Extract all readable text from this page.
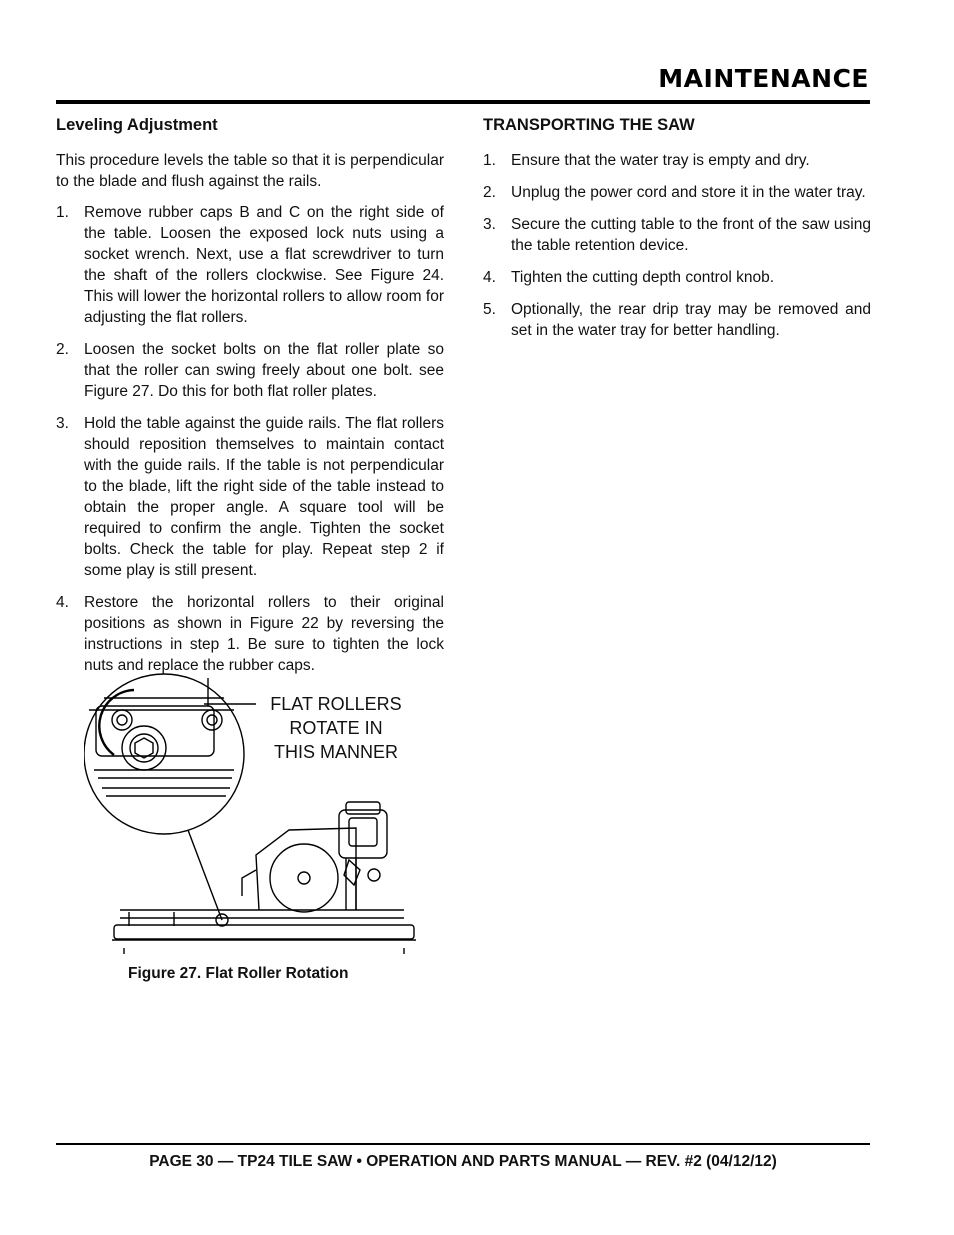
MAINTENANCE
Leveling Adjustment

This procedure levels the table so that it is perpendicular to the blade and flush against the rails.

1. Remove rubber caps B and C on the right side of the table. Loosen the exposed lock nuts using a socket wrench. Next, use a flat screwdriver to turn the shaft of the rollers clockwise. See Figure 24. This will lower the horizontal rollers to allow room for adjusting the flat rollers.
2. Loosen the socket bolts on the flat roller plate so that the roller can swing freely about one bolt. see Figure 27. Do this for both flat roller plates.
3. Hold the table against the guide rails. The flat rollers should reposition themselves to maintain contact with the guide rails. If the table is not perpendicular to the blade, lift the right side of the table instead to obtain the proper angle. A square tool will be required to confirm the angle. Tighten the socket bolts. Check the table for play. Repeat step 2 if some play is still present.
4. Restore the horizontal rollers to their original positions as shown in Figure 22 by reversing the instructions in step 1. Be sure to tighten the lock nuts and replace the rubber caps.
FLAT ROLLERS
ROTATE IN
THIS MANNER
Figure 27. Flat Roller Rotation
TRANSPORTING THE SAW
1. Ensure that the water tray is empty and dry.
2. Unplug the power cord and store it in the water tray.
3. Secure the cutting table to the front of the saw using the table retention device.
4. Tighten the cutting depth control knob.
5. Optionally, the rear drip tray may be removed and set in the water tray for better handling.
PAGE 30 — TP24 TILE SAW • OPERATION AND PARTS MANUAL — REV. #2 (04/12/12)
